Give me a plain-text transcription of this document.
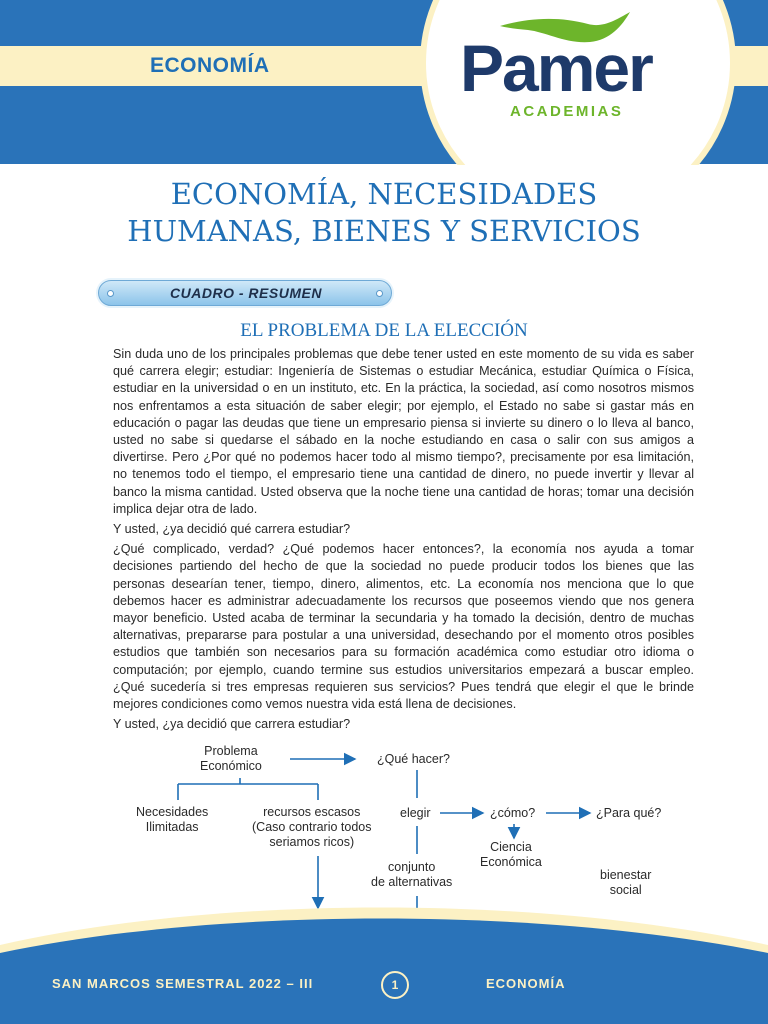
ECONOMÍA	Pamer
ACADEMIAS
ECONOMÍA, NECESIDADES
HUMANAS, BIENES Y SERVICIOS
CUADRO - RESUMEN
EL PROBLEMA DE LA ELECCIÓN

Sin duda uno de los principales problemas que debe tener usted en este momento de su vida es saber qué carrera elegir; estudiar: Ingeniería de Sistemas o estudiar Mecánica, estudiar Química o Física, estudiar en la universidad o en un instituto, etc. En la práctica, la sociedad, así como nosotros mismos nos enfrentamos a esta situación de saber elegir; por ejemplo, el Estado no sabe si gastar más en educación o pagar las deudas que tiene un empresario piensa si invierte su dinero o lo lleva al banco, usted no sabe si quedarse el sábado en la noche estudiando en casa o salir con sus amigos a divertirse. Pero ¿Por qué no podemos hacer todo al mismo tiempo?, precisamente por esa limitación, no tenemos todo el tiempo, el empresario tiene una cantidad de dinero, no puede invertir y llevar al banco la misma cantidad. Usted observa que la noche tiene una cantidad de horas; tomar una decisión implica dejar otra de lado.

Y usted, ¿ya decidió qué carrera estudiar?

¿Qué complicado, verdad? ¿Qué podemos hacer entonces?, la economía nos ayuda a tomar decisiones partiendo del hecho de que la sociedad no puede producir todos los bienes que las personas desearían tener, tiempo, dinero, alimentos, etc. La economía nos menciona que lo que debemos hacer es administrar adecuadamente los recursos que poseemos viendo que nos genera mayor beneficio. Usted acaba de terminar la secundaria y ha tomado la decisión, dentro de muchas alternativas, prepararse para postular a una universidad, desechando por el momento otros posibles estudios que también son necesarios para su formación académica como estudiar otro idioma o computación; por ejemplo, cuando termine sus estudios universitarios empezará a buscar empleo. ¿Qué sucedería si tres empresas requieren sus servicios? Pues tendrá que elegir el que le brinde mejores condiciones como vemos nuestra vida está llena de decisiones.

Y usted, ¿ya decidió que carrera estudiar?

Problema
Económico	¿Qué hacer?
Necesidades
Ilimitadas
recursos escasos
(Caso contrario todos
seriamos ricos)
elegir	¿cómo?	¿Para qué?
Ciencia
Económica
conjunto
de alternativas	bienestar
social
SAN MARCOS SEMESTRAL 2022 – III	1	ECONOMÍA
